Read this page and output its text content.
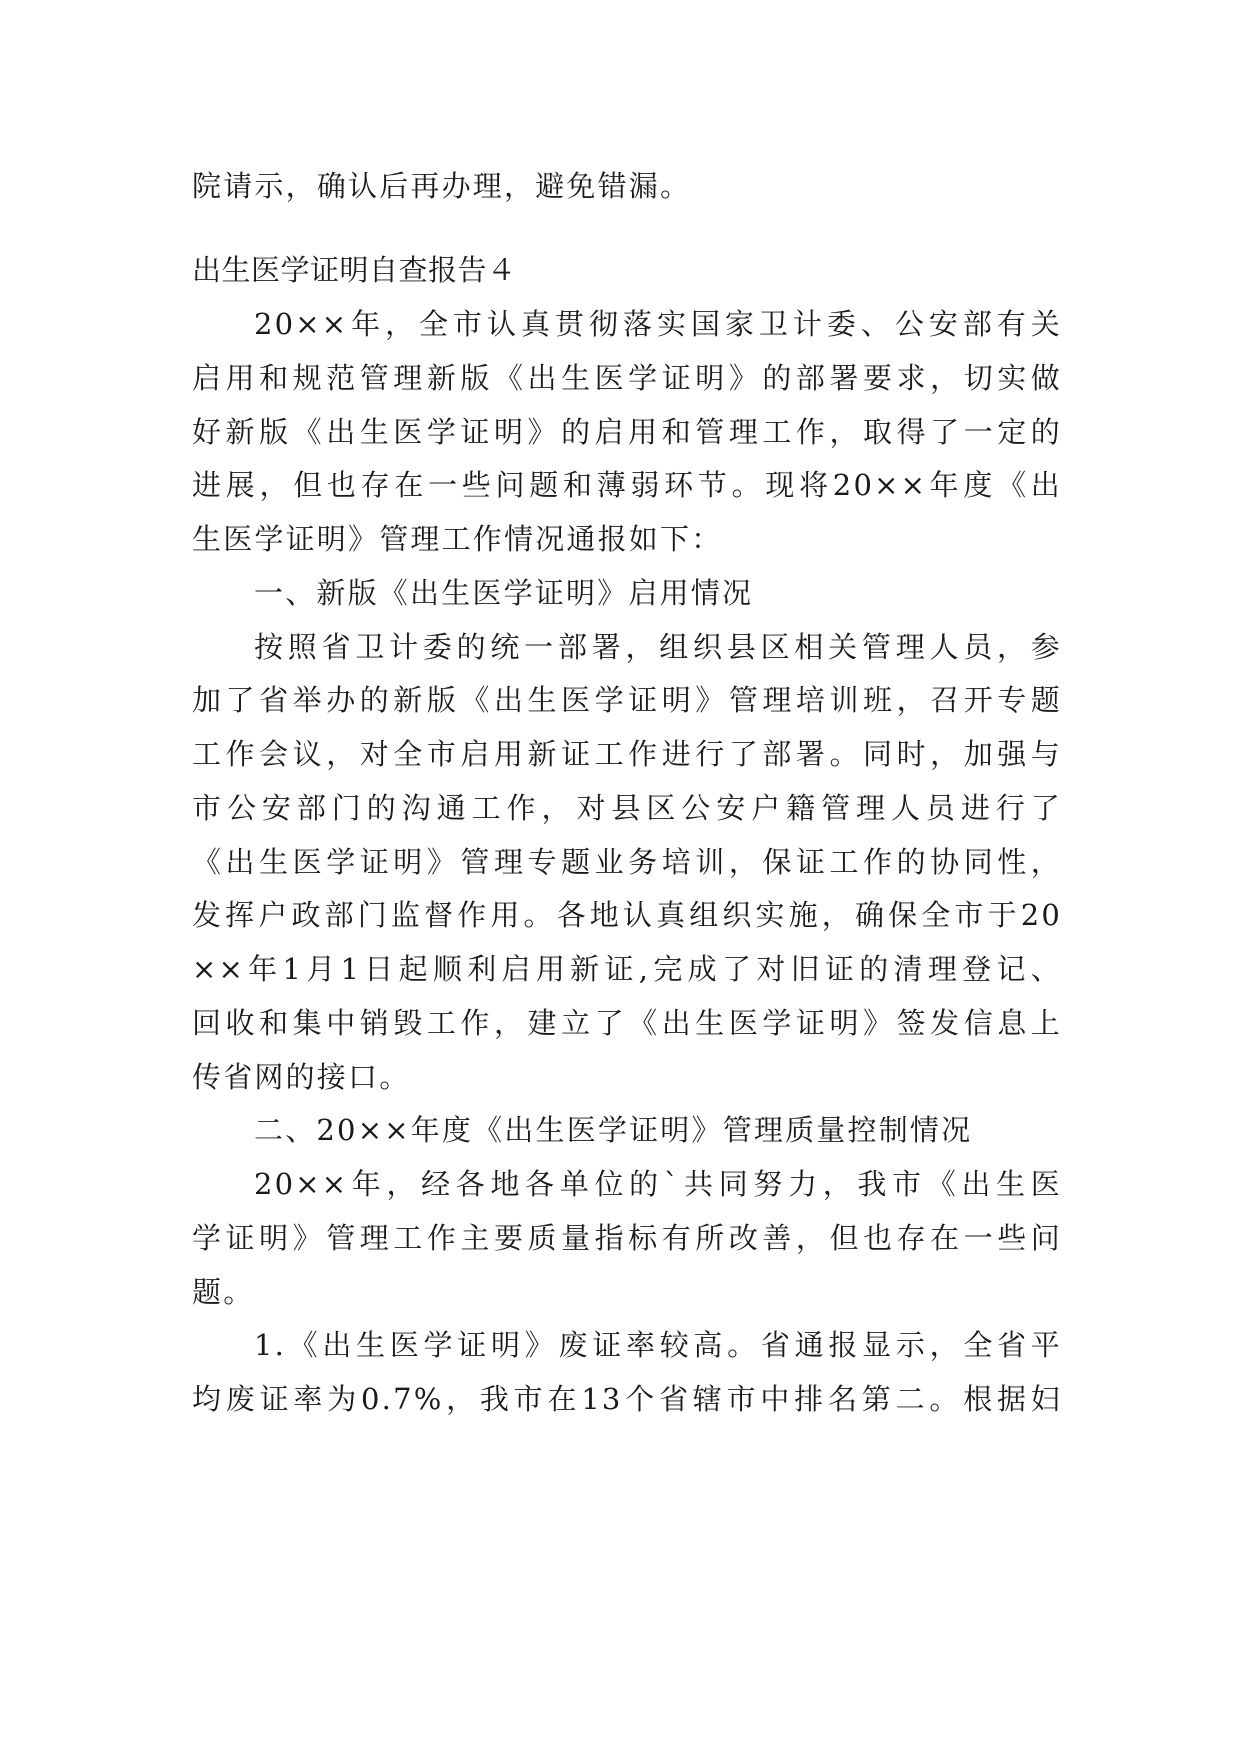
院请示，确认后再办理，避免错漏。
出生医学证明自查报告４
20××年，全市认真贯彻落实国家卫计委、公安部有关
启用和规范管理新版《出生医学证明》的部署要求，切实做
好新版《出生医学证明》的启用和管理工作，取得了一定的
进展，但也存在一些问题和薄弱环节。现将20××年度《出
生医学证明》管理工作情况通报如下：
一、新版《出生医学证明》启用情况
按照省卫计委的统一部署，组织县区相关管理人员，参
加了省举办的新版《出生医学证明》管理培训班，召开专题
工作会议，对全市启用新证工作进行了部署。同时，加强与
市公安部门的沟通工作，对县区公安户籍管理人员进行了
《出生医学证明》管理专题业务培训，保证工作的协同性，
发挥户政部门监督作用。各地认真组织实施，确保全市于20
××年1月1日起顺利启用新证,完成了对旧证的清理登记、
回收和集中销毁工作，建立了《出生医学证明》签发信息上
传省网的接口。
二、20××年度《出生医学证明》管理质量控制情况
20××年，经各地各单位的`共同努力，我市《出生医
学证明》管理工作主要质量指标有所改善，但也存在一些问
题。
1.《出生医学证明》废证率较高。省通报显示，全省平
均废证率为0.7%，我市在13个省辖市中排名第二。根据妇
